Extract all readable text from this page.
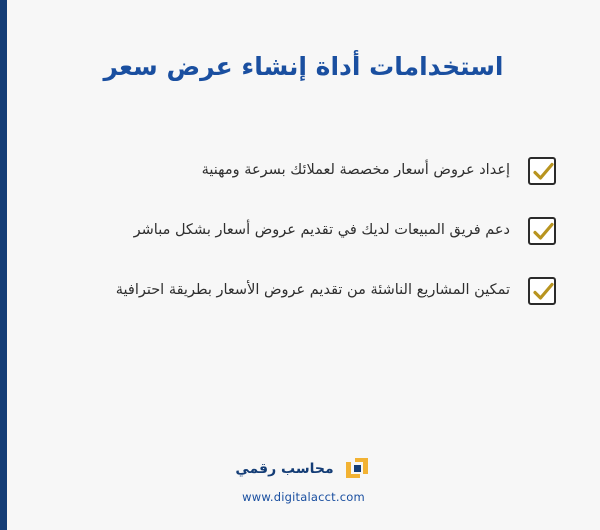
استخدامات أداة إنشاء عرض سعر
إعداد عروض أسعار مخصصة لعملائك بسرعة ومهنية
دعم فريق المبيعات لديك في تقديم عروض أسعار بشكل مباشر
تمكين المشاريع الناشئة من تقديم عروض الأسعار بطريقة احترافية
محاسب رقمي
www.digitalacct.com
